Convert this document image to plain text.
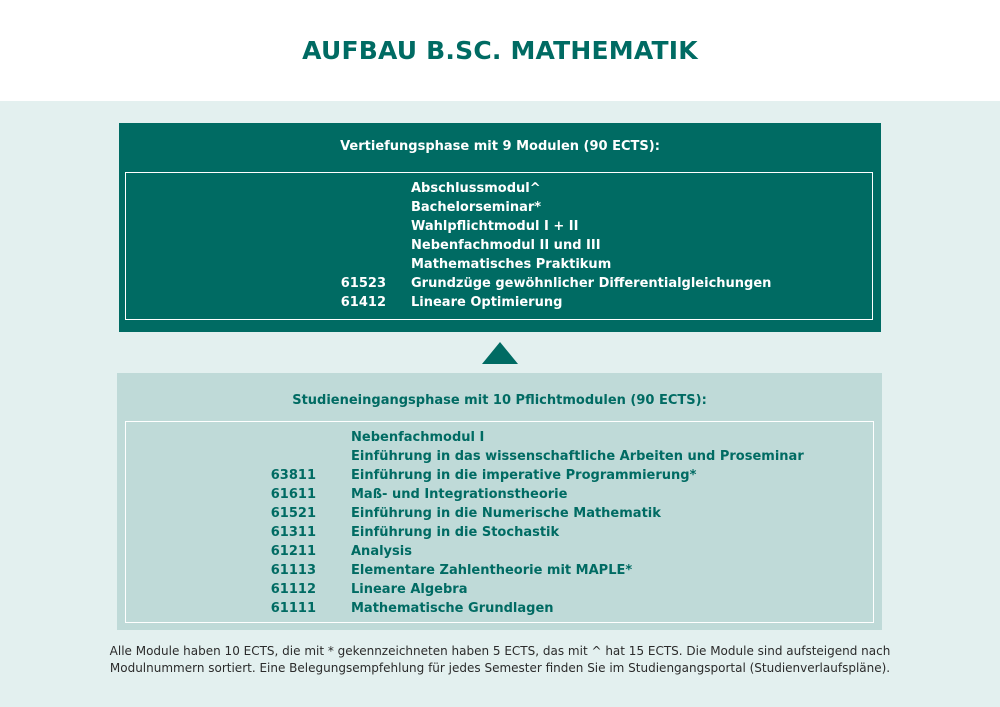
AUFBAU B.SC. MATHEMATIK
Vertiefungsphase mit 9 Modulen (90 ECTS):
Abschlussmodul^
Bachelorseminar*
Wahlpflichtmodul I + II
Nebenfachmodul II und III
Mathematisches Praktikum
61523 Grundzüge gewöhnlicher Differentialgleichungen
61412 Lineare Optimierung
Studieneingangsphase mit 10 Pflichtmodulen (90 ECTS):
Nebenfachmodul I
Einführung in das wissenschaftliche Arbeiten und Proseminar
63811	Einführung in die imperative Programmierung*
61611	Maß- und Integrationstheorie
61521	Einführung in die Numerische Mathematik
61311	Einführung in die Stochastik
61211	Analysis
61113	Elementare Zahlentheorie mit MAPLE*
61112	Lineare Algebra
61111	Mathematische Grundlagen
Alle Module haben 10 ECTS, die mit * gekennzeichneten haben 5 ECTS, das mit ^ hat 15 ECTS. Die Module sind aufsteigend nach
Modulnummern sortiert. Eine Belegungsempfehlung für jedes Semester finden Sie im Studiengangsportal (Studienverlaufspläne).
